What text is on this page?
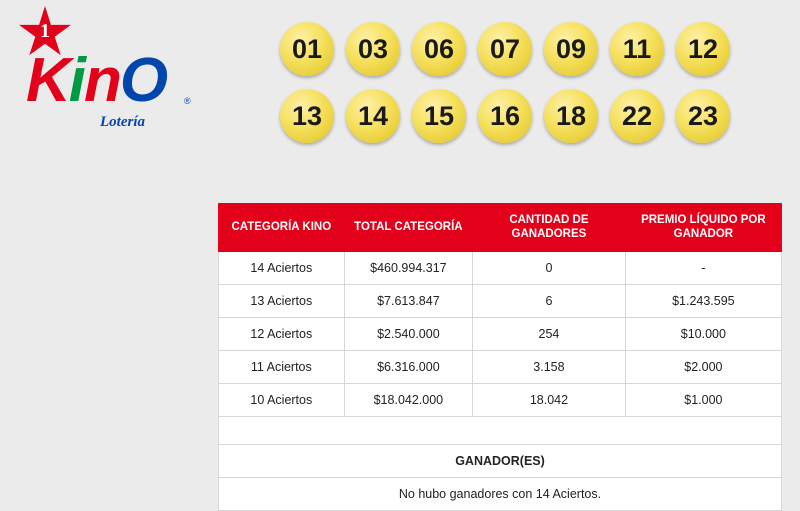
1
KinO ®
Lotería
01	03	06	07	09	11	12
13	14	15	16	18	22	23
CATEGORÍA KINO	TOTAL CATEGORÍA	CANTIDAD DE GANADORES	PREMIO LÍQUIDO POR GANADOR
14 Aciertos	$460.994.317	0	-
13 Aciertos	$7.613.847	6	$1.243.595
12 Aciertos	$2.540.000	254	$10.000
11 Aciertos	$6.316.000	3.158	$2.000
10 Aciertos	$18.042.000	18.042	$1.000

GANADOR(ES)			
No hubo ganadores con 14 Aciertos.			
